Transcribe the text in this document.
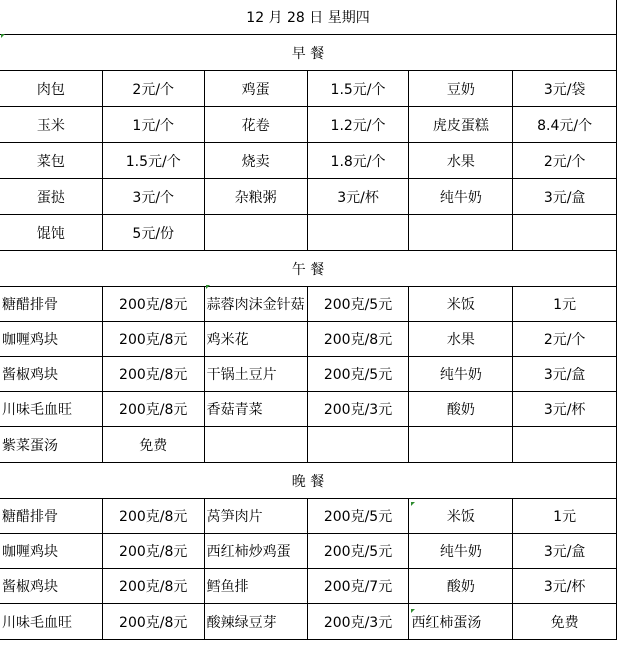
12 月 28 日 星期四					
早 餐					
肉包	2元/个	鸡蛋	1.5元/个	豆奶	3元/袋
玉米	1元/个	花卷	1.2元/个	虎皮蛋糕	8.4元/个
菜包	1.5元/个	烧卖	1.8元/个	水果	2元/个
蛋挞	3元/个	杂粮粥	3元/杯	纯牛奶	3元/盒
馄饨	5元/份				
午 餐					
糖醋排骨	200克/8元	蒜蓉肉沫金针菇	200克/5元	米饭	1元
咖喱鸡块	200克/8元	鸡米花	200克/8元	水果	2元/个
酱椒鸡块	200克/8元	干锅土豆片	200克/5元	纯牛奶	3元/盒
川味毛血旺	200克/8元	香菇青菜	200克/3元	酸奶	3元/杯
紫菜蛋汤	免费				
晚 餐					
糖醋排骨	200克/8元	莴笋肉片	200克/5元	米饭	1元
咖喱鸡块	200克/8元	西红柿炒鸡蛋	200克/5元	纯牛奶	3元/盒
酱椒鸡块	200克/8元	鳕鱼排	200克/7元	酸奶	3元/杯
川味毛血旺	200克/8元	酸辣绿豆芽	200克/3元	西红柿蛋汤	免费
